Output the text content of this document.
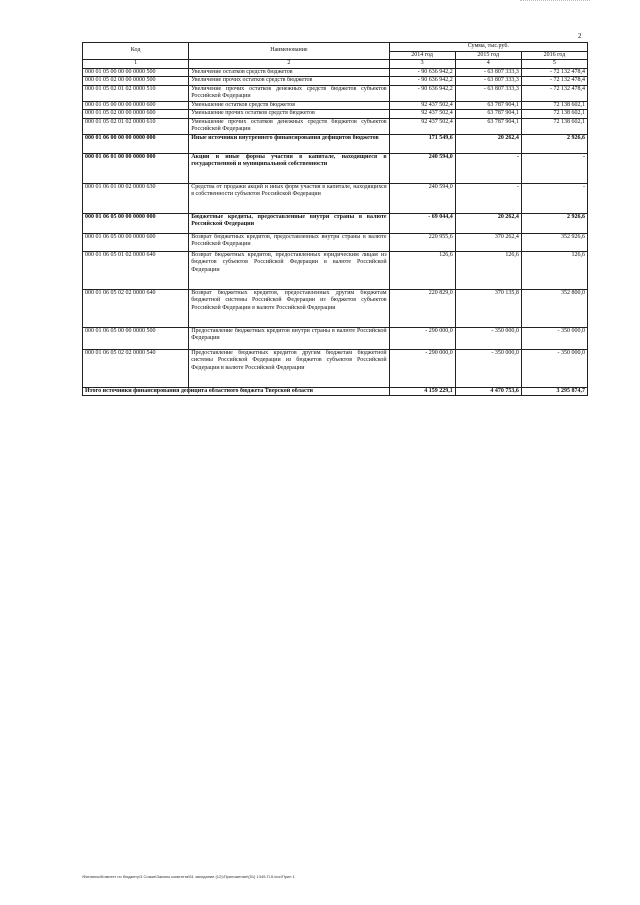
2
Код	Наименование	Сумма, тыс.руб.		
		2014 год	2015 год	2016 год
1	2	3	4	5
000 01 05 00 00 00 0000 500	Увеличение остатков средств бюджетов	- 90 636 942,2	- 63 807 333,3	- 72 132 478,4
000 01 05 02 00 00 0000 500	Увеличение прочих остатков средств бюджетов	- 90 636 942,2	- 63 807 333,3	- 72 132 478,4
000 01 05 02 01 02 0000 510	Увеличение прочих остатков денежных средств бюджетов субъектов Российской Федерации	- 90 636 942,2	- 63 807 333,3	- 72 132 478,4
000 01 05 00 00 00 0000 600	Уменьшение остатков средств бюджетов	92 437 502,4	63 787 904,1	72 138 602,1
000 01 05 02 00 00 0000 600	Уменьшение прочих остатков средств бюджетов	92 437 502,4	63 787 904,1	72 138 602,1
000 01 05 02 01 02 0000 610	Уменьшение прочих остатков денежных средств бюджетов субъектов Российской Федерации	92 437 502,4	63 787 904,1	72 138 602,1
000 01 06 00 00 00 0000 000	Иные источники внутреннего финансирования дефицитов бюджетов	171 549,6	20 262,4	2 926,6
000 01 06 01 00 00 0000 000	Акции и иные формы участия в капитале, находящиеся в государственной и муниципальной собственности	240 594,0	-	-
000 01 06 01 00 02 0000 630	Средства от продажи акций и иных форм участия в капитале, находящихся в собственности субъектов Российской Федерации	240 594,0	-	-
000 01 06 05 00 00 0000 000	Бюджетные кредиты, предоставленные внутри страны в валюте Российской Федерации	- 69 044,4	20 262,4	2 926,6
000 01 06 05 00 00 0000 600	Возврат бюджетных кредитов, предоставленных внутри страны в валюте Российской Федерации	220 955,6	370 262,4	352 926,6
000 01 06 05 01 02 0000 640	Возврат бюджетных кредитов, предоставленных юридическим лицам из бюджетов субъектов Российской Федерации в валюте Российской Федерации	126,6	126,6	126,6
000 01 06 05 02 02 0000 640	Возврат бюджетных кредитов, предоставленных другим бюджетам бюджетной системы Российской Федерации из бюджетов субъектов Российской Федерации в валюте Российской Федерации	220 829,0	370 135,8	352 800,0
000 01 06 05 00 00 0000 500	Предоставление бюджетных кредитов внутри страны в валюте Российской Федерации	- 290 000,0	- 350 000,0	- 350 000,0
000 01 06 05 02 02 0000 540	Предоставление бюджетных кредитов другим бюджетам бюджетной системы Российской Федерации из бюджетов субъектов Российской Федерации в валюте Российской Федерации	- 290 000,0	- 350 000,0	- 350 000,0
Итого источники финансирования дефицита областного бюджета Тверской области		4 159 229,1	4 470 753,6	3 295 874,7
\Финансы\Комитет по бюджету\3 Созыв\Законы комитета\51 заседание (12)\Приложение\(51) 1349-П-5.doc\Прил 1
